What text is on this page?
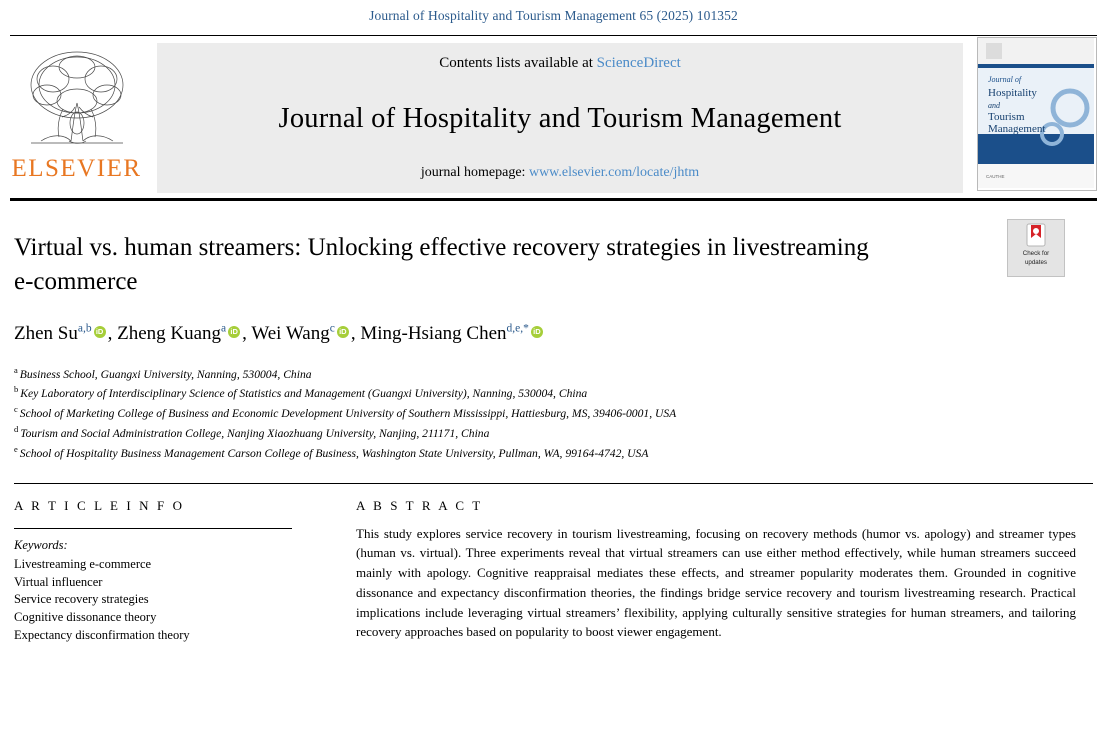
Journal of Hospitality and Tourism Management 65 (2025) 101352
ELSEVIER
Contents lists available at ScienceDirect
Journal of Hospitality and Tourism Management
journal homepage: www.elsevier.com/locate/jhtm
Journal of
Hospitality
and
Tourism
Management
CAUTHE
Virtual vs. human streamers: Unlocking effective recovery strategies in livestreaming e-commerce
Check for
updates
Zhen Su$^{a,b}$ iD , Zheng Kuang$^a$ iD , Wei Wang$^c$ iD , Ming-Hsiang Chen$^{d,e,*}$iD
$^a$ Business School, Guangxi University, Nanning, 530004, China
$^b$ Key Laboratory of Interdisciplinary Science of Statistics and Management (Guangxi University), Nanning, 530004, China
$^c$ School of Marketing College of Business and Economic Development University of Southern Mississippi, Hattiesburg, MS, 39406-0001, USA
$^d$ Tourism and Social Administration College, Nanjing Xiaozhuang University, Nanjing, 211171, China
$^e$ School of Hospitality Business Management Carson College of Business, Washington State University, Pullman, WA, 99164-4742, USA
A R T I C L E I N F O
Keywords:
Livestreaming e-commerce
Virtual influencer
Service recovery strategies
Cognitive dissonance theory
Expectancy disconfirmation theory
A B S T R A C T
This study explores service recovery in tourism livestreaming, focusing on recovery methods (humor vs. apology) and streamer types (human vs. virtual). Three experiments reveal that virtual streamers can use either method effectively, while human streamers succeed mainly with apology. Cognitive reappraisal mediates these effects, and streamer popularity moderates them. Grounded in cognitive dissonance and expectancy disconfirmation theories, the findings bridge service recovery and tourism livestreaming research. Practical implications include leveraging virtual streamers’ flexibility, applying culturally sensitive strategies for human streamers, and tailoring recovery approaches based on popularity to boost viewer engagement.
